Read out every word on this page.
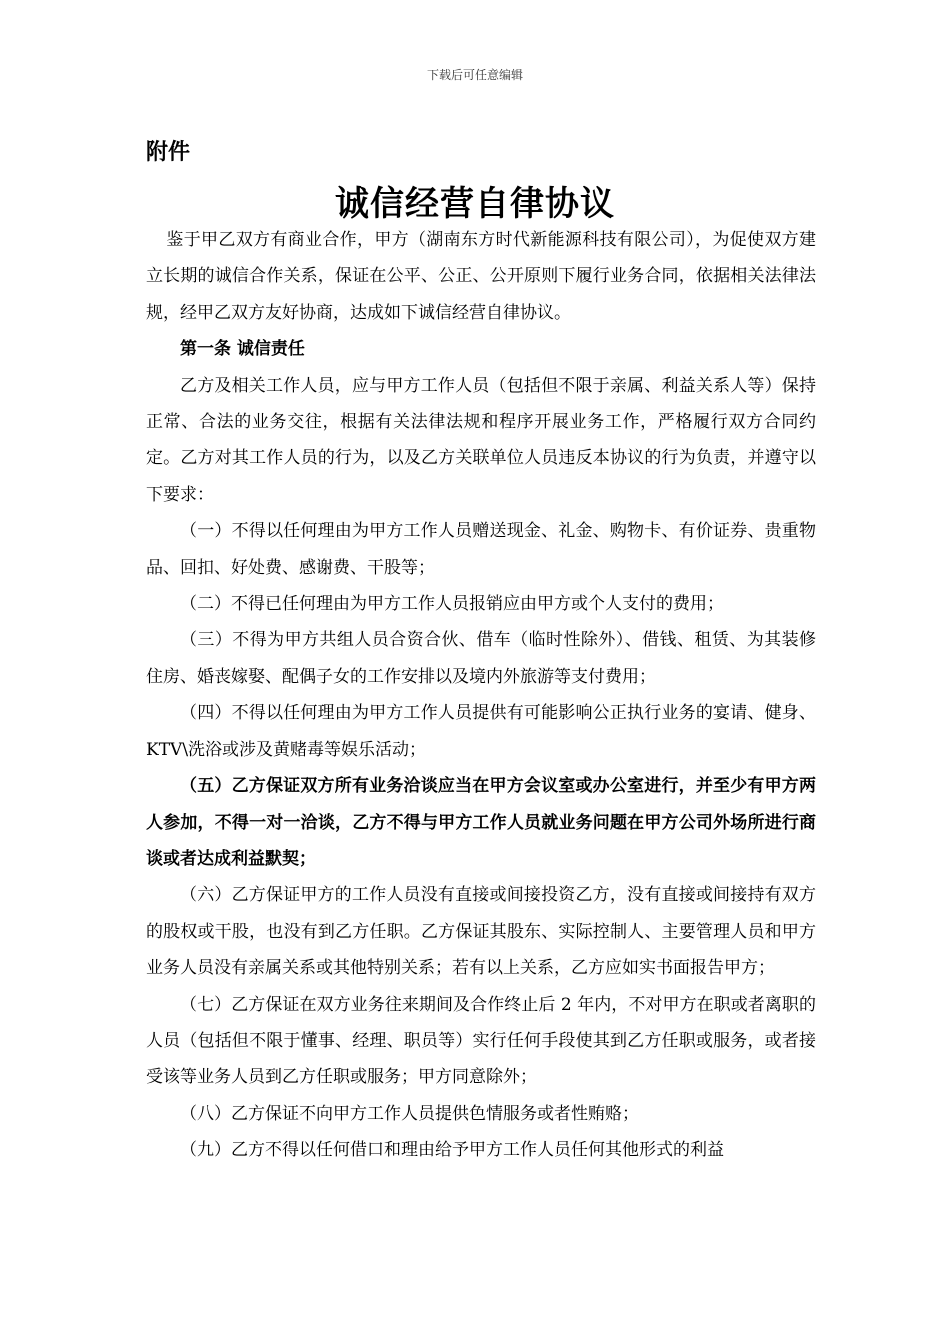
下载后可任意编辑
附件
诚信经营自律协议

鉴于甲乙双方有商业合作，甲方（湖南东方时代新能源科技有限公司），为促使双方建立长期的诚信合作关系，保证在公平、公正、公开原则下履行业务合同，依据相关法律法规，经甲乙双方友好协商，达成如下诚信经营自律协议。

第一条 诚信责任

乙方及相关工作人员，应与甲方工作人员（包括但不限于亲属、利益关系人等）保持正常、合法的业务交往，根据有关法律法规和程序开展业务工作，严格履行双方合同约定。乙方对其工作人员的行为，以及乙方关联单位人员违反本协议的行为负责，并遵守以下要求：

（一）不得以任何理由为甲方工作人员赠送现金、礼金、购物卡、有价证券、贵重物品、回扣、好处费、感谢费、干股等；

（二）不得已任何理由为甲方工作人员报销应由甲方或个人支付的费用；

（三）不得为甲方共组人员合资合伙、借车（临时性除外）、借钱、租赁、为其装修住房、婚丧嫁娶、配偶子女的工作安排以及境内外旅游等支付费用；

（四）不得以任何理由为甲方工作人员提供有可能影响公正执行业务的宴请、健身、KTV\洗浴或涉及黄赌毒等娱乐活动；

（五）乙方保证双方所有业务洽谈应当在甲方会议室或办公室进行，并至少有甲方两人参加，不得一对一洽谈，乙方不得与甲方工作人员就业务问题在甲方公司外场所进行商谈或者达成利益默契；

（六）乙方保证甲方的工作人员没有直接或间接投资乙方，没有直接或间接持有双方的股权或干股，也没有到乙方任职。乙方保证其股东、实际控制人、主要管理人员和甲方业务人员没有亲属关系或其他特别关系；若有以上关系，乙方应如实书面报告甲方；

（七）乙方保证在双方业务往来期间及合作终止后 2 年内，不对甲方在职或者离职的人员（包括但不限于懂事、经理、职员等）实行任何手段使其到乙方任职或服务，或者接受该等业务人员到乙方任职或服务；甲方同意除外；

（八）乙方保证不向甲方工作人员提供色情服务或者性贿赂；

（九）乙方不得以任何借口和理由给予甲方工作人员任何其他形式的利益
